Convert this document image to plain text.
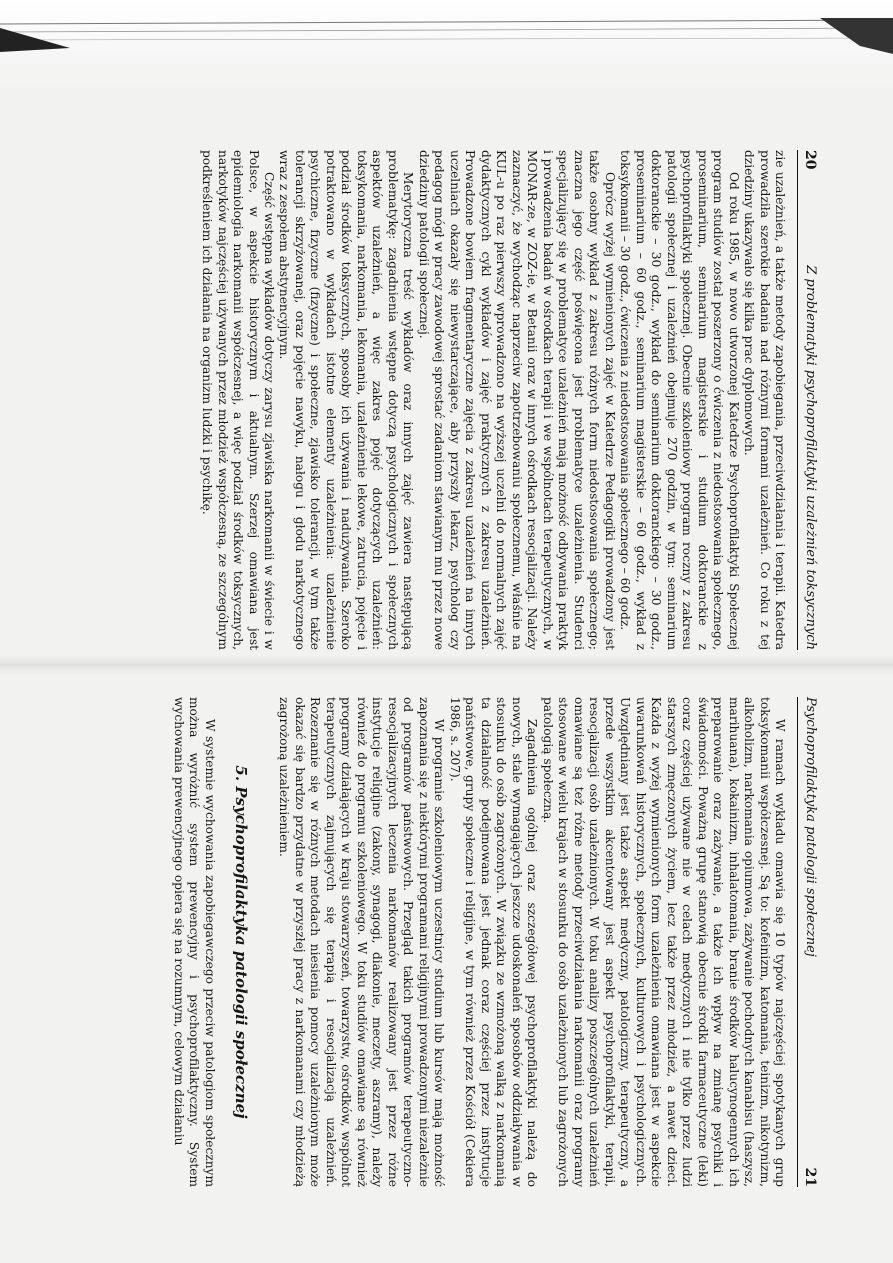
20
Z problematyki psychoprofilaktyki uzależnień toksycznych

zie uzależnień, a także metody zapobiegania, przeciwdziałania i terapii. Katedra prowadziła szerokie badania nad różnymi formami uzależnień. Co roku z tej dziedziny ukazywało się kilka prac dyplomowych.

Od roku 1985, w nowo utworzonej Katedrze Psychoprofilaktyki Społecznej program studiów został poszerzony o ćwiczenia z niedostosowania społecznego, proseminarium, seminarium magisterskie i studium doktoranckie z psychoprofilaktyki społecznej. Obecnie szkoleniowy program roczny z zakresu patologii społecznej i uzależnień obejmuje 270 godzin, w tym: seminarium doktoranckie – 30 godz., wykład do seminarium doktoranckiego – 30 godz., proseminarium – 60 godz., seminarium magisterskie – 60 godz., wykład z toksykomanii – 30 godz., ćwiczenia z niedostosowania społecznego – 60 godz.

Oprócz wyżej wymienionych zajęć w Katedrze Pedagogiki prowadzony jest także osobny wykład z zakresu różnych form niedostosowania społecznego; znaczna jego część poświęcona jest problematyce uzależnienia. Studenci specjalizujący się w problematyce uzależnień mają możność odbywania praktyk i prowadzenia badań w ośrodkach terapii i we wspólnotach terapeutycznych, w MONAR-ze, w ZOZ-ie, w Betanii oraz w innych ośrodkach resocjalizacji. Należy zaznaczyć, że wychodząc naprzeciw zapotrzebowaniu społecznemu, właśnie na KUL-u po raz pierwszy wprowadzono na wyższej uczelni do normalnych zajęć dydaktycznych cykl wykładów i zajęć praktycznych z zakresu uzależnień. Prowadzone bowiem fragmentaryczne zajęcia z zakresu uzależnień na innych uczelniach okazały się niewystarczające, aby przyszły lekarz, psycholog czy pedagog mógł w pracy zawodowej sprostać zadaniom stawianym mu przez nowe dziedziny patologii społecznej.

Merytoryczna treść wykładów oraz innych zajęć zawiera następującą problematykę: zagadnienia wstępne dotyczą psychologicznych i społecznych aspektów uzależnień, a więc zakres pojęć dotyczących uzależnień: toksykomania, narkomania, lekomania, uzależnienie lekowe, zatrucia, pojęcie i podział środków toksycznych, sposoby ich używania i nadużywania. Szeroko potraktowano w wykładach istotne elementy uzależnienia: uzależnienie psychiczne, fizyczne (fizyczne) i społeczne, zjawisko tolerancji, w tym także tolerancji skrzyżowanej, oraz pojęcie nawyku, nałogu i głodu narkotycznego wraz z zespołem abstynencyjnym.

Część wstępna wykładów dotyczy zarysu zjawiska narkomanii w świecie i w Polsce, w aspekcie historycznym i aktualnym. Szerzej omawiana jest epidemiologia narkomanii współczesnej, a więc podział środków toksycznych, narkotyków najczęściej używanych przez młodzież współczesną, ze szczególnym podkreśleniem ich działania na organizm ludzki i psychikę.

Psychoprofilaktyka patologii społecznej
21

W ramach wykładu omawia się 10 typów najczęściej spotykanych grup toksykomanii współczesnej. Są to: kofeinizm, katomania, teinizm, nikotynizm, alkoholizm, narkomania opiumowa, zażywanie pochodnych kanabisu (haszysz, marihuana), kokainizm, inhalatomania, branie środków halucynogennych ich preparowanie oraz zażywanie, a także ich wpływ na zmianę psychiki i świadomości. Poważną grupę stanowią obecnie środki farmaceutyczne (leki) coraz częściej używane nie w celach medycznych i nie tylko przez ludzi starszych zmęczonych życiem, lecz także przez młodzież, a nawet dzieci. Każda z wyżej wymienionych form uzależnienia omawiana jest w aspekcie uwarunkowań historycznych, społecznych, kulturowych i psychologicznych. Uwzględniany jest także aspekt medyczny, patologiczny, terapeutyczny, a przede wszystkim akcentowany jest aspekt psychoprofilaktyki, terapii, resocjalizacji osób uzależnionych. W toku analizy poszczególnych uzależnień omawiane są też różne metody przeciwdziałania narkomanii oraz programy stosowane w wielu krajach w stosunku do osób uzależnionych lub zagrożonych patologią społeczną.

Zagadnienia ogólnej oraz szczegółowej psychoprofilaktyki należą do nowych, stale wymagających jeszcze udoskonaleń sposobów oddziaływania w stosunku do osób zagrożonych. W związku ze wzmożoną walką z narkomanią ta działalność podejmowana jest jednak coraz częściej przez instytucje państwowe, grupy społeczne i religijne, w tym również przez Kościół (Cekiera 1986, s. 207).

W programie szkoleniowym uczestnicy studium lub kursów mają możność zapoznania się z niektórymi programami religijnymi prowadzonymi niezależnie od programów państwowych. Przegląd takich programów terapeutyczno-resocjalizacyjnych leczenia narkomanów realizowany jest przez różne instytucje religijne (zakony, synagogi, diakonie, meczety, aszramy), należy również do programu szkoleniowego. W toku studiów omawiane są również programy działających w kraju stowarzyszeń, towarzystw, ośrodków, wspólnot terapeutycznych zajmujących się terapią i resocjalizacją uzależnień. Rozeznanie się w różnych metodach niesienia pomocy uzależnionym może okazać się bardzo przydatne w przyszłej pracy z narkomanami czy młodzieżą zagrożoną uzależnieniem.

5. Psychoprofilaktyka patologii społecznej

W systemie wychowania zapobiegawczego przeciw patologiom społecznym można wyróżnić system prewencyjny i psychoprofilaktyczny. System wychowania prewencyjnego opiera się na rozumnym, celowym działaniu
